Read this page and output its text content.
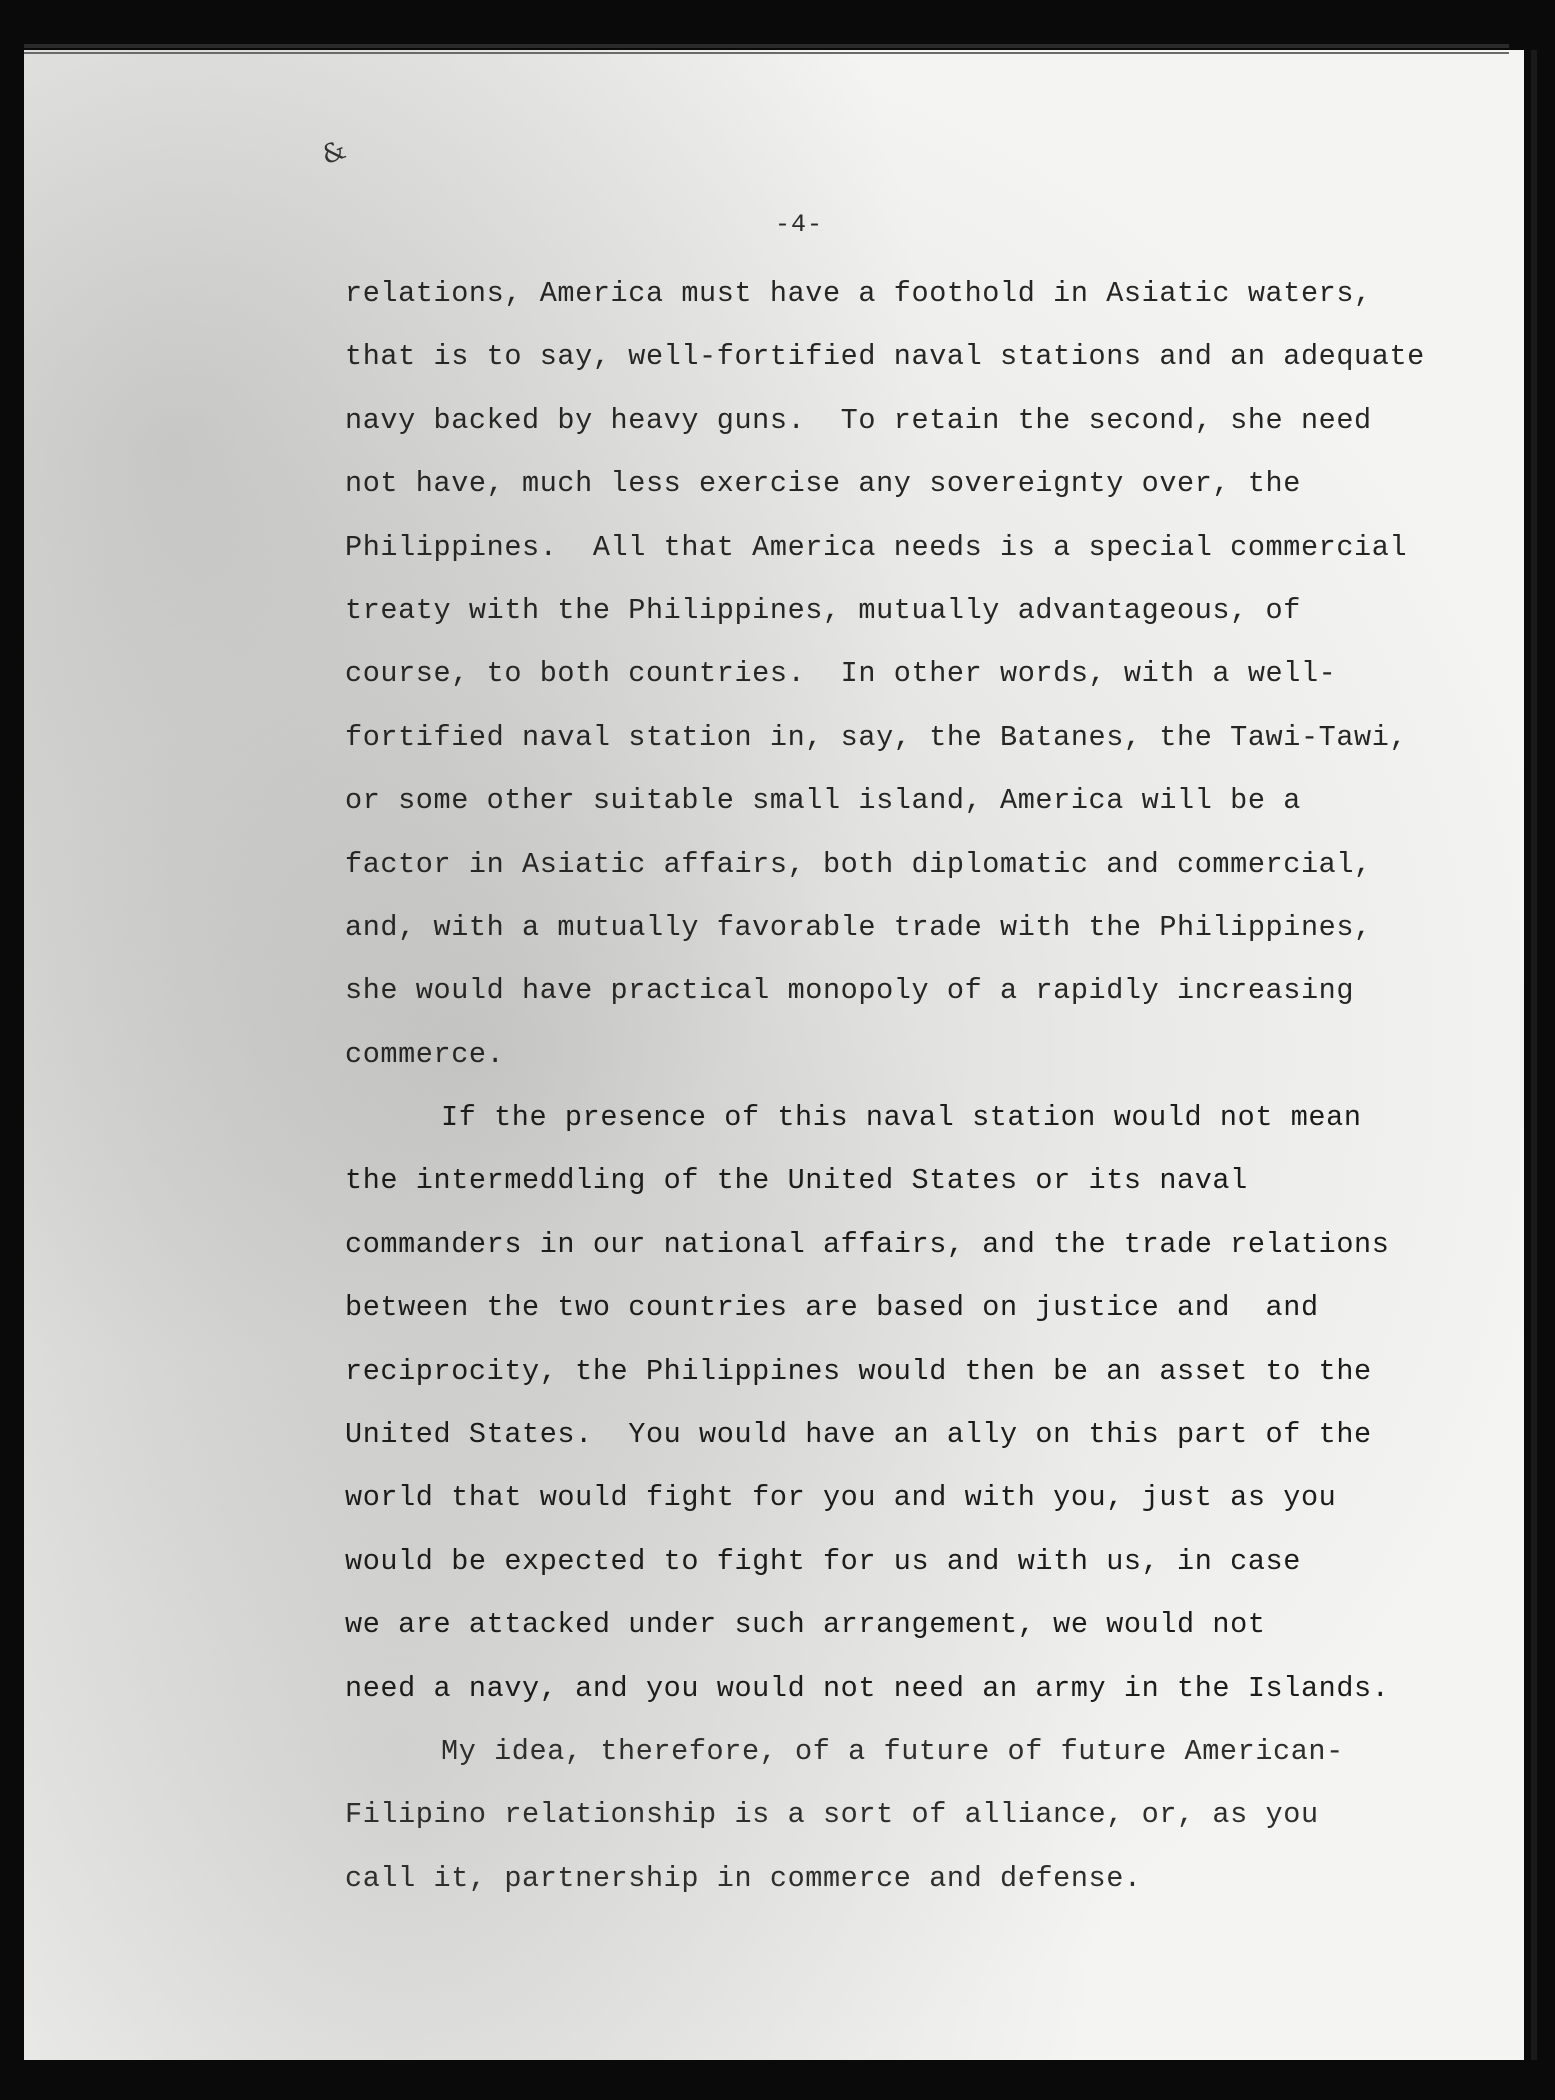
&
-4-
relations, America must have a foothold in Asiatic waters,
that is to say, well-fortified naval stations and an adequate
navy backed by heavy guns.  To retain the second, she need
not have, much less exercise any sovereignty over, the
Philippines.  All that America needs is a special commercial
treaty with the Philippines, mutually advantageous, of
course, to both countries.  In other words, with a well-
fortified naval station in, say, the Batanes, the Tawi-Tawi,
or some other suitable small island, America will be a
factor in Asiatic affairs, both diplomatic and commercial,
and, with a mutually favorable trade with the Philippines,
she would have practical monopoly of a rapidly increasing
commerce.
If the presence of this naval station would not mean
the intermeddling of the United States or its naval
commanders in our national affairs, and the trade relations
between the two countries are based on justice and  and
reciprocity, the Philippines would then be an asset to the
United States.  You would have an ally on this part of the
world that would fight for you and with you, just as you
would be expected to fight for us and with us, in case
we are attacked under such arrangement, we would not
need a navy, and you would not need an army in the Islands.
My idea, therefore, of a future of future American-
Filipino relationship is a sort of alliance, or, as you
call it, partnership in commerce and defense.
